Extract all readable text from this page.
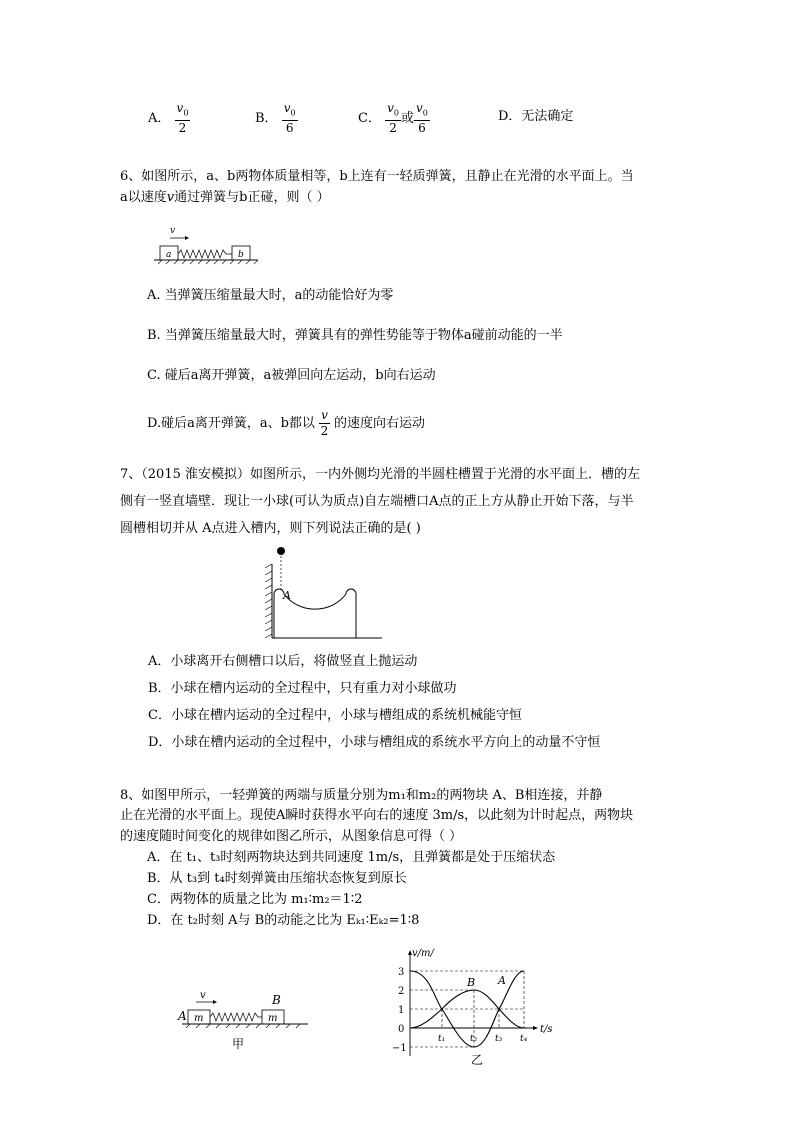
A． $\frac{v_0}{2}$	B． $\frac{v_0}{6}$	C． $\frac{v_0}{2}$ 或 $\frac{v_0}{6}$	D．无法确定
6、如图所示，a、b两物体质量相等，b上连有一轻质弹簧，且静止在光滑的水平面上。当
a以速度v通过弹簧与b正碰，则（ ）
v
a	b
A. 当弹簧压缩量最大时，a的动能恰好为零
B. 当弹簧压缩量最大时，弹簧具有的弹性势能等于物体a碰前动能的一半
C. 碰后a离开弹簧，a被弹回向左运动，b向右运动
D.碰后a离开弹簧，a、b都以 $\frac{v}{2}$ 的速度向右运动
7、（2015 淮安模拟）如图所示，一内外侧均光滑的半圆柱槽置于光滑的水平面上．槽的左
侧有一竖直墙壁．现让一小球(可认为质点)自左端槽口A点的正上方从静止开始下落，与半
圆槽相切并从 A点进入槽内，则下列说法正确的是( )
A
A．小球离开右侧槽口以后，将做竖直上抛运动
B．小球在槽内运动的全过程中，只有重力对小球做功
C．小球在槽内运动的全过程中，小球与槽组成的系统机械能守恒
D．小球在槽内运动的全过程中，小球与槽组成的系统水平方向上的动量不守恒
8、如图甲所示，一轻弹簧的两端与质量分别为m₁和m₂的两物块 A、B相连接，并静
止在光滑的水平面上。现使A瞬时获得水平向右的速度 3m/s，以此刻为计时起点，两物块
的速度随时间变化的规律如图乙所示，从图象信息可得（ ）
A．在 t₁、t₃时刻两物块达到共同速度 1m/s，且弹簧都是处于压缩状态
B．从 t₃到 t₄时刻弹簧由压缩状态恢复到原长
C．两物体的质量之比为 m₁∶m₂＝1∶2
D．在 t₂时刻 A与 B的动能之比为 Eₖ₁∶Eₖ₂=1∶8
v	B
A m	m
甲
v/m/
t/s
3
2
1
0
−1
t₁	t₂ t₃ t₄
A
B
乙
